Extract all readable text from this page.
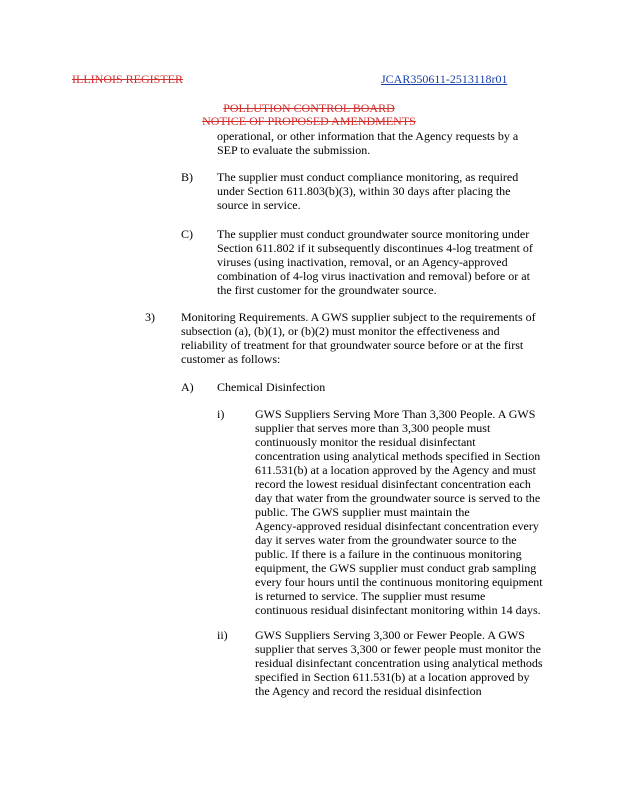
ILLINOIS REGISTER	JCAR350611-2513118r01
POLLUTION CONTROL BOARD
NOTICE OF PROPOSED AMENDMENTS
operational, or other information that the Agency requests by a
SEP to evaluate the submission.
B) The supplier must conduct compliance monitoring, as required
under Section 611.803(b)(3), within 30 days after placing the
source in service.
C) The supplier must conduct groundwater source monitoring under
Section 611.802 if it subsequently discontinues 4-log treatment of
viruses (using inactivation, removal, or an Agency-approved
combination of 4-log virus inactivation and removal) before or at
the first customer for the groundwater source.
3) Monitoring Requirements. A GWS supplier subject to the requirements of
subsection (a), (b)(1), or (b)(2) must monitor the effectiveness and
reliability of treatment for that groundwater source before or at the first
customer as follows:
A) Chemical Disinfection
i)	GWS Suppliers Serving More Than 3,300 People. A GWS
supplier that serves more than 3,300 people must
continuously monitor the residual disinfectant
concentration using analytical methods specified in Section
611.531(b) at a location approved by the Agency and must
record the lowest residual disinfectant concentration each
day that water from the groundwater source is served to the
public. The GWS supplier must maintain the
Agency-approved residual disinfectant concentration every
day it serves water from the groundwater source to the
public. If there is a failure in the continuous monitoring
equipment, the GWS supplier must conduct grab sampling
every four hours until the continuous monitoring equipment
is returned to service. The supplier must resume
continuous residual disinfectant monitoring within 14 days.
ii) GWS Suppliers Serving 3,300 or Fewer People. A GWS
supplier that serves 3,300 or fewer people must monitor the
residual disinfectant concentration using analytical methods
specified in Section 611.531(b) at a location approved by
the Agency and record the residual disinfection
